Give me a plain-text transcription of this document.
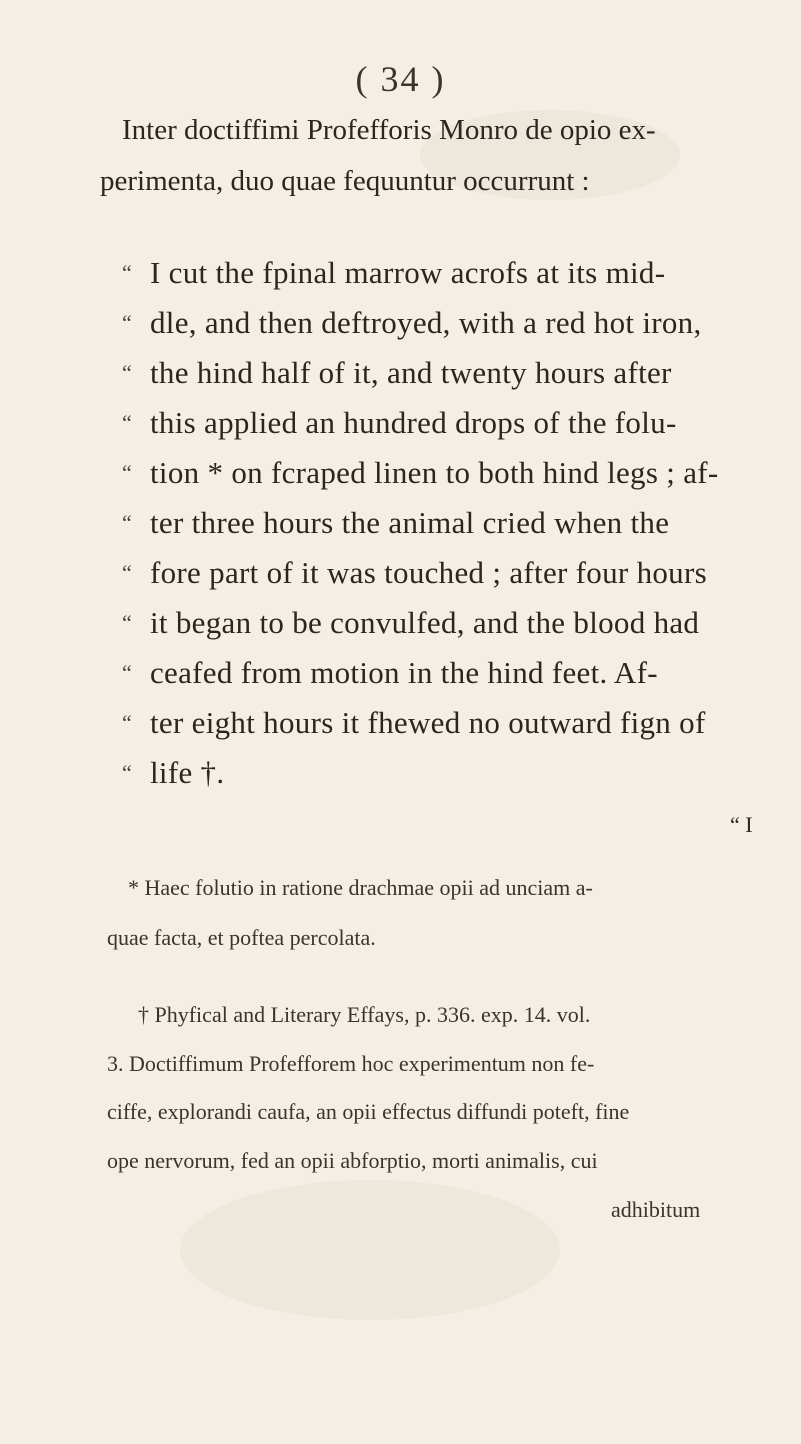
( 34 )
Inter doctiffimi Profefforis Monro de opio ex-
perimenta, duo quae fequuntur occurrunt :
“ I cut the fpinal marrow acrofs at its mid-
“ dle, and then deftroyed, with a red hot iron,
“ the hind half of it, and twenty hours after
“ this applied an hundred drops of the folu-
“ tion * on fcraped linen to both hind legs ; af-
“ ter three hours the animal cried when the
“ fore part of it was touched ; after four hours
“ it began to be convulfed, and the blood had
“ ceafed from motion in the hind feet. Af-
“ ter eight hours it fhewed no outward fign of
“ life †.
“ I
* Haec folutio in ratione drachmae opii ad unciam a-
quae facta, et poftea percolata.
† Phyfical and Literary Effays, p. 336. exp. 14. vol.
3. Doctiffimum Profefforem hoc experimentum non fe-
ciffe, explorandi caufa, an opii effectus diffundi poteft, fine
ope nervorum, fed an opii abforptio, morti animalis, cui
adhibitum
